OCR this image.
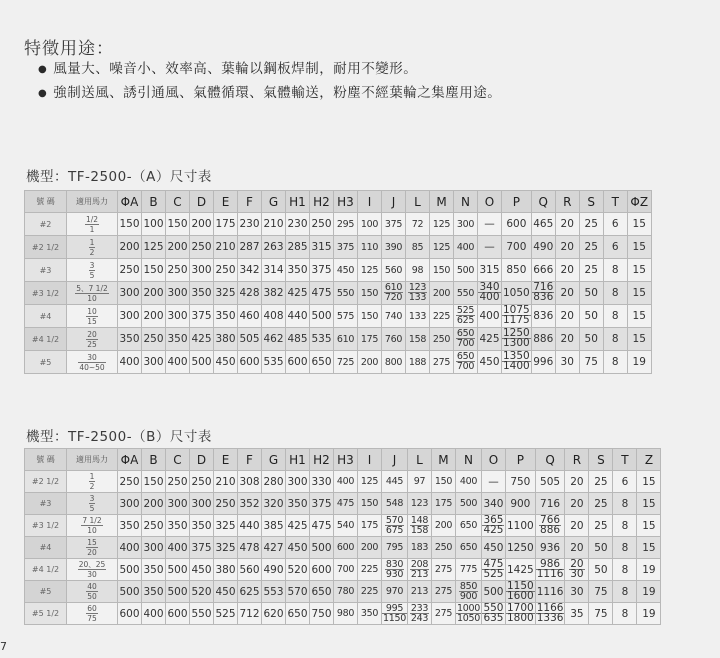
特徵用途：
● 風量大、噪音小、效率高、葉輪以鋼板焊制，耐用不變形。
● 強制送風、誘引通風、氣體循環、氣體輸送，粉塵不經葉輪之集塵用途。
機型：TF-2500-（A）尺寸表
號 碼	適用馬力	ΦA	B	C	D	E	F	G	H1	H2	H3	I	J	L	M	N	O	P	Q	R	S	T	ΦZ
#2	$\frac{1/2}{1}$	150	100	150	200	175	230	210	230	250	295	100	375	72	125	300	—	600	465	20	25	6	15
#2 1/2	$\frac{1}{2}$	200	125	200	250	210	287	263	285	315	375	110	390	85	125	400	—	700	490	20	25	6	15
#3	$\frac{3}{5}$	250	150	250	300	250	342	314	350	375	450	125	560	98	150	500	315	850	666	20	25	8	15
#3 1/2	$\frac{5、7 1/2}{10}$	300	200	300	350	325	428	382	425	475	550	150	$\frac{610}{720}$	$\frac{123}{133}$	200	550	$\frac{340}{400}$	1050	$\frac{716}{836}$	20	50	8	15
#4	$\frac{10}{15}$	300	200	300	375	350	460	408	440	500	575	150	740	133	225	$\frac{525}{625}$	400	$\frac{1075}{1175}$	836	20	50	8	15
#4 1/2	$\frac{20}{25}$	350	250	350	425	380	505	462	485	535	610	175	760	158	250	$\frac{650}{700}$	425	$\frac{1250}{1300}$	886	20	50	8	15
#5	$\frac{30}{40\sim 50}$	400	300	400	500	450	600	535	600	650	725	200	800	188	275	$\frac{650}{700}$	450	$\frac{1350}{1400}$	996	30	75	8	19
機型：TF-2500-（B）尺寸表
號 碼	適用馬力	ΦA	B	C	D	E	F	G	H1	H2	H3	I	J	L	M	N	O	P	Q	R	S	T	Z
#2 1/2	$\frac{1}{2}$	250	150	250	250	210	308	280	300	330	400	125	445	97	150	400	—	750	505	20	25	6	15
#3	$\frac{3}{5}$	300	200	300	300	250	352	320	350	375	475	150	548	123	175	500	340	900	716	20	25	8	15
#3 1/2	$\frac{7 1/2}{10}$	350	250	350	350	325	440	385	425	475	540	175	$\frac{570}{675}$	$\frac{148}{158}$	200	650	$\frac{365}{425}$	1100	$\frac{766}{886}$	20	25	8	15
#4	$\frac{15}{20}$	400	300	400	375	325	478	427	450	500	600	200	795	183	250	650	450	1250	936	20	50	8	15
#4 1/2	$\frac{20、25}{30}$	500	350	500	450	380	560	490	520	600	700	225	$\frac{830}{930}$	$\frac{208}{213}$	275	775	$\frac{475}{525}$	1425	$\frac{986}{1116}$	$\frac{20}{30}$	50	8	19
#5	$\frac{40}{50}$	500	350	500	520	450	625	553	570	650	780	225	970	213	275	$\frac{850}{900}$	500	$\frac{1150}{1600}$	1116	30	75	8	19
#5 1/2	$\frac{60}{75}$	600	400	600	550	525	712	620	650	750	980	350	$\frac{995}{1150}$	$\frac{233}{243}$	275	$\frac{1000}{1050}$	$\frac{550}{635}$	$\frac{1700}{1800}$	$\frac{1166}{1336}$	35	75	8	19
7
